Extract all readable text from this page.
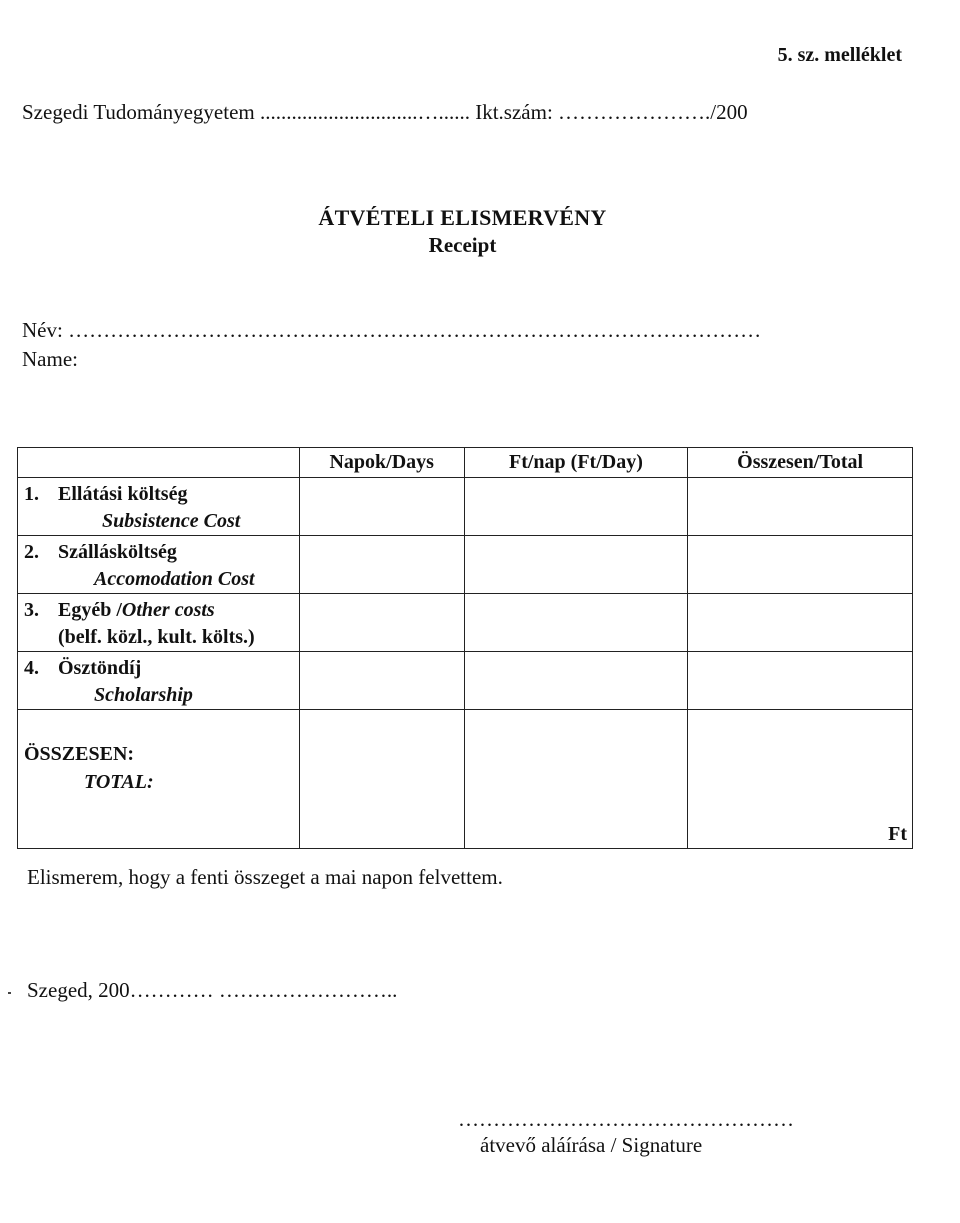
5. sz. melléklet
Szegedi Tudományegyetem ..............................…...... Ikt.szám: …………………./200
ÁTVÉTELI ELISMERVÉNY
Receipt
Név: ………………………………………………………………………………………
Name:
	Napok/Days	Ft/nap (Ft/Day)	Összesen/Total
1. Ellátási költség
Subsistence Cost			

2. Szállásköltség
Accomodation Cost			

3. Egyéb /Other costs
(belf. közl., kult. költs.)			

4. Ösztöndíj
Scholarship			

ÖSSZESEN:
TOTAL:			Ft
Elismerem, hogy a fenti összeget a mai napon felvettem.
Szeged, 200………… ……………………..
…………………………………………
átvevő aláírása / Signature
